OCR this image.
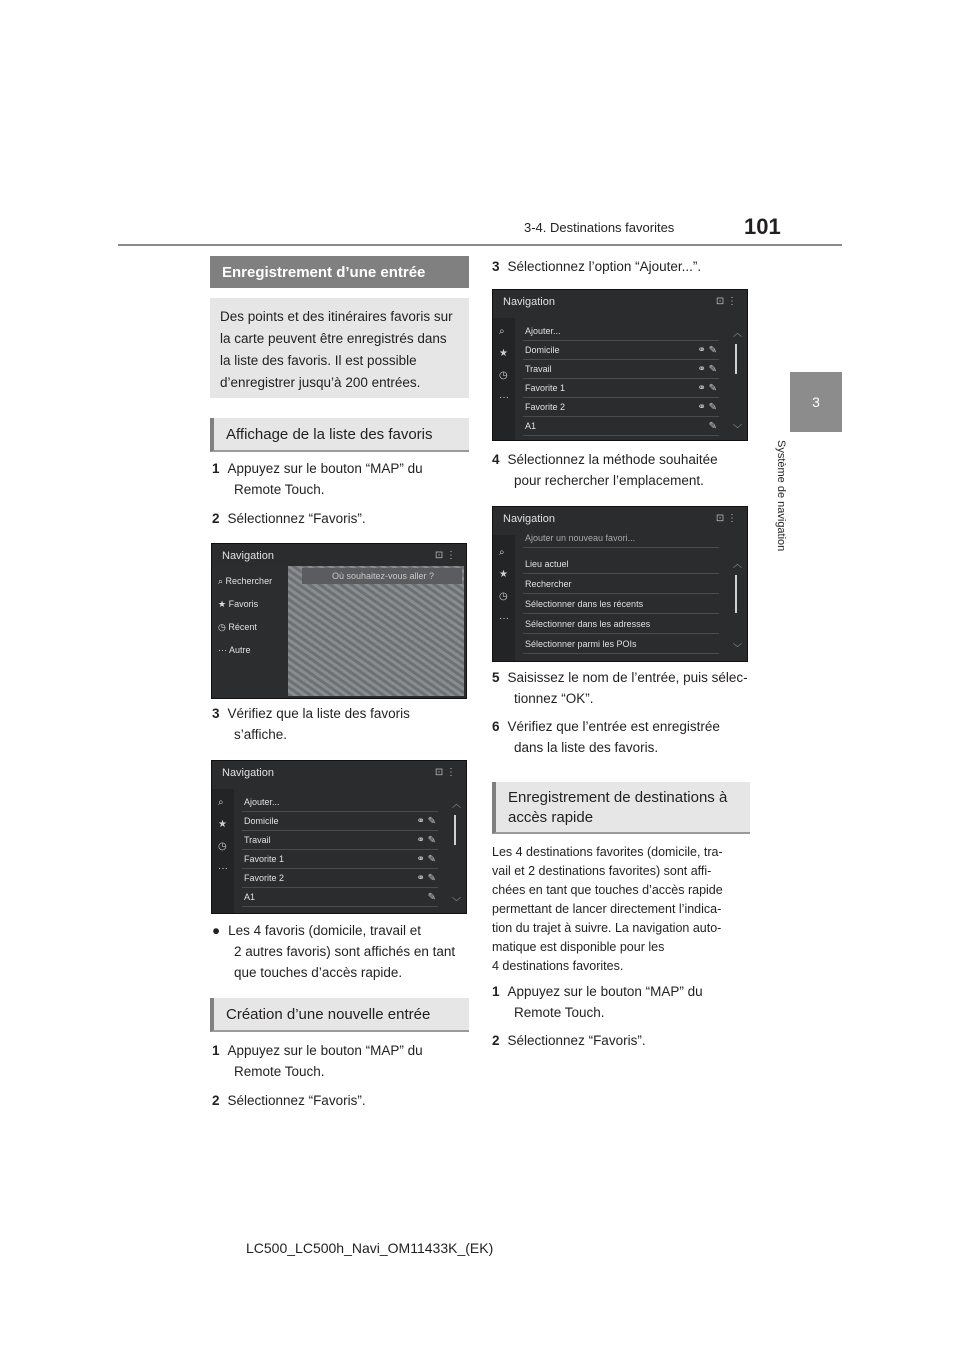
3-4. Destinations favorites	101
3
Système de navigation
Enregistrement d’une entrée
Des points et des itinéraires favoris sur la carte peuvent être enregistrés dans la liste des favoris. Il est possible d’enregistrer jusqu’à 200 entrées.
Affichage de la liste des favoris
1 Appuyez sur le bouton “MAP” du
Remote Touch.
2 Sélectionnez “Favoris”.
Navigation	⊡ ⋮
⌕ Rechercher
★ Favoris
◷ Récent
··· Autre
Où souhaitez-vous aller ?
3 Vérifiez que la liste des favoris
s’affiche.
Navigation	⊡ ⋮
⌕
★
◷
···
Ajouter...
Domicile	⚭ ✎
Travail	⚭ ✎
Favorite 1	⚭ ✎
Favorite 2	⚭ ✎
A1	✎
︿
﹀
● Les 4 favoris (domicile, travail et
2 autres favoris) sont affichés en tant
que touches d’accès rapide.
Création d’une nouvelle entrée
1 Appuyez sur le bouton “MAP” du
Remote Touch.
2 Sélectionnez “Favoris”.
3 Sélectionnez l’option “Ajouter...”.
Navigation	⊡ ⋮
⌕
★
◷
···
Ajouter...
Domicile	⚭ ✎
Travail	⚭ ✎
Favorite 1	⚭ ✎
Favorite 2	⚭ ✎
A1	✎
︿
﹀
4 Sélectionnez la méthode souhaitée
pour rechercher l’emplacement.
Navigation	⊡ ⋮
⌕
★
◷
···
Ajouter un nouveau favori...
Lieu actuel
Rechercher
Sélectionner dans les récents
Sélectionner dans les adresses
Sélectionner parmi les POIs
︿
﹀
5 Saisissez le nom de l’entrée, puis sélec-
tionnez “OK”.
6 Vérifiez que l’entrée est enregistrée
dans la liste des favoris.
Enregistrement de destinations à
accès rapide
Les 4 destinations favorites (domicile, tra-
vail et 2 destinations favorites) sont affi-
chées en tant que touches d’accès rapide
permettant de lancer directement l’indica-
tion du trajet à suivre. La navigation auto-
matique est disponible pour les
4 destinations favorites.
1 Appuyez sur le bouton “MAP” du
Remote Touch.
2 Sélectionnez “Favoris”.
LC500_LC500h_Navi_OM11433K_(EK)
